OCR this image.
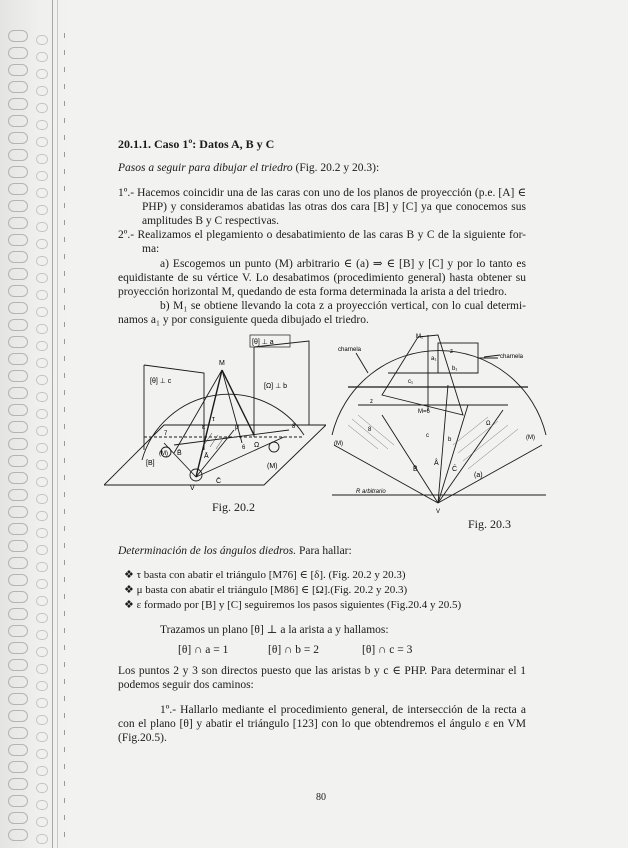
20.1.1. Caso 1º: Datos A, B y C
Pasos a seguir para dibujar el triedro (Fig. 20.2 y 20.3):
1º.- Hacemos coincidir una de las caras con uno de los planos de proyección (p.e. [A] ∈
PHP) y consideramos abatidas las otras dos cara [B] y [C] ya que conocemos sus
amplitudes B y C respectivas.
2º.- Realizamos el plegamiento o desabatimiento de las caras B y C de la siguiente for-
ma:
a) Escogemos un punto (M) arbitrario ∈ (a) ⇒ ∈ [B] y [C] y por lo tanto es
equidistante de su vértice V. Lo desabatimos (procedimiento general) hasta obtener su
proyección horizontal M, quedando de esta forma determinada la arista a del triedro.
b) M₁ se obtiene llevando la cota z a proyección vertical, con lo cual determi-
namos a₁ y por consiguiente queda dibujado el triedro.
[θ] ⊥ a
[θ] ⊥ c
[Ω] ⊥ b
M
V
τ
μ
ε
[B]
B̄	Ā
C̄
(M)
(M)
Ω
6
7
8
Fig. 20.2
charnela
charnela
M₁
a₁
b₁
c₁
z
z
M=6
(M)
(M)
B̄
Â
Ĉ
(a)
b
c
8
Ω
R arbitrario
V
Fig. 20.3
Determinación de los ángulos diedros. Para hallar:
❖ τ basta con abatir el triángulo [M76] ∈ [δ]. (Fig. 20.2 y 20.3)
❖ μ basta con abatir el triángulo [M86] ∈ [Ω].(Fig. 20.2 y 20.3)
❖ ε formado por [B] y [C] seguiremos los pasos siguientes (Fig.20.4 y 20.5)
Trazamos un plano [θ] ⊥ a la arista a y hallamos:
[θ] ∩ a = 1	[θ] ∩ b = 2	[θ] ∩ c = 3
Los puntos 2 y 3 son directos puesto que las aristas b y c ∈ PHP. Para determinar el 1
podemos seguir dos caminos:
1º.- Hallarlo mediante el procedimiento general, de intersección de la recta a
con el plano [θ] y abatir el triángulo [123] con lo que obtendremos el ángulo ε en VM
(Fig.20.5).
80
